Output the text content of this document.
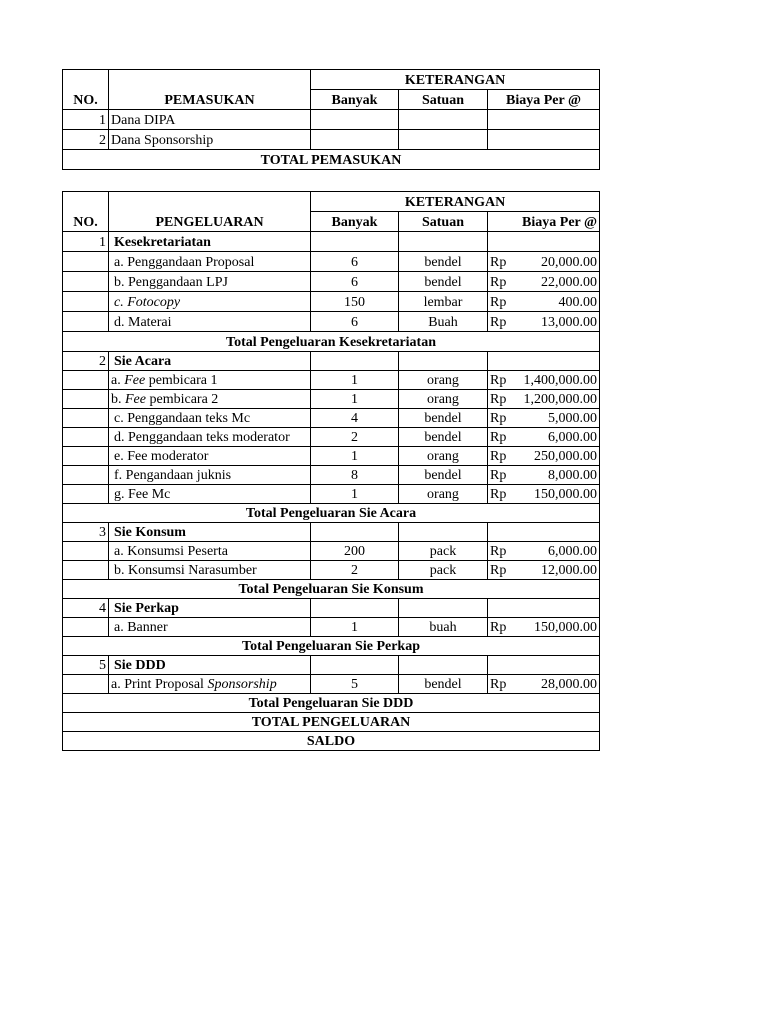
NO.	PEMASUKAN	KETERANGAN		
		Banyak	Satuan	Biaya Per @
1	Dana DIPA			
2	Dana Sponsorship			
TOTAL PEMASUKAN				
NO.	PENGELUARAN	KETERANGAN		
		Banyak	Satuan	Biaya Per @
1	Kesekretariatan			
	a. Penggandaan Proposal	6	bendel	Rp 20,000.00

	b. Penggandaan LPJ	6	bendel	Rp 22,000.00

	c. Fotocopy	150	lembar	Rp 400.00

	d. Materai	6	Buah	Rp 13,000.00

Total Pengeluaran Kesekretariatan				
2	Sie Acara			
	a. Fee pembicara 1	1	orang	Rp 1,400,000.00

	b. Fee pembicara 2	1	orang	Rp 1,200,000.00

	c. Penggandaan teks Mc	4	bendel	Rp 5,000.00

	d. Penggandaan teks moderator	2	bendel	Rp 6,000.00

	e. Fee moderator	1	orang	Rp 250,000.00

	f. Pengandaan juknis	8	bendel	Rp 8,000.00

	g. Fee Mc	1	orang	Rp 150,000.00

Total Pengeluaran Sie Acara				
3	Sie Konsum			
	a. Konsumsi Peserta	200	pack	Rp 6,000.00

	b. Konsumsi Narasumber	2	pack	Rp 12,000.00

Total Pengeluaran Sie Konsum				
4	Sie Perkap			
	a. Banner	1	buah	Rp 150,000.00

Total Pengeluaran Sie Perkap				
5	Sie DDD			
	a. Print Proposal Sponsorship	5	bendel	Rp 28,000.00

Total Pengeluaran Sie DDD				
TOTAL PENGELUARAN				
SALDO				
